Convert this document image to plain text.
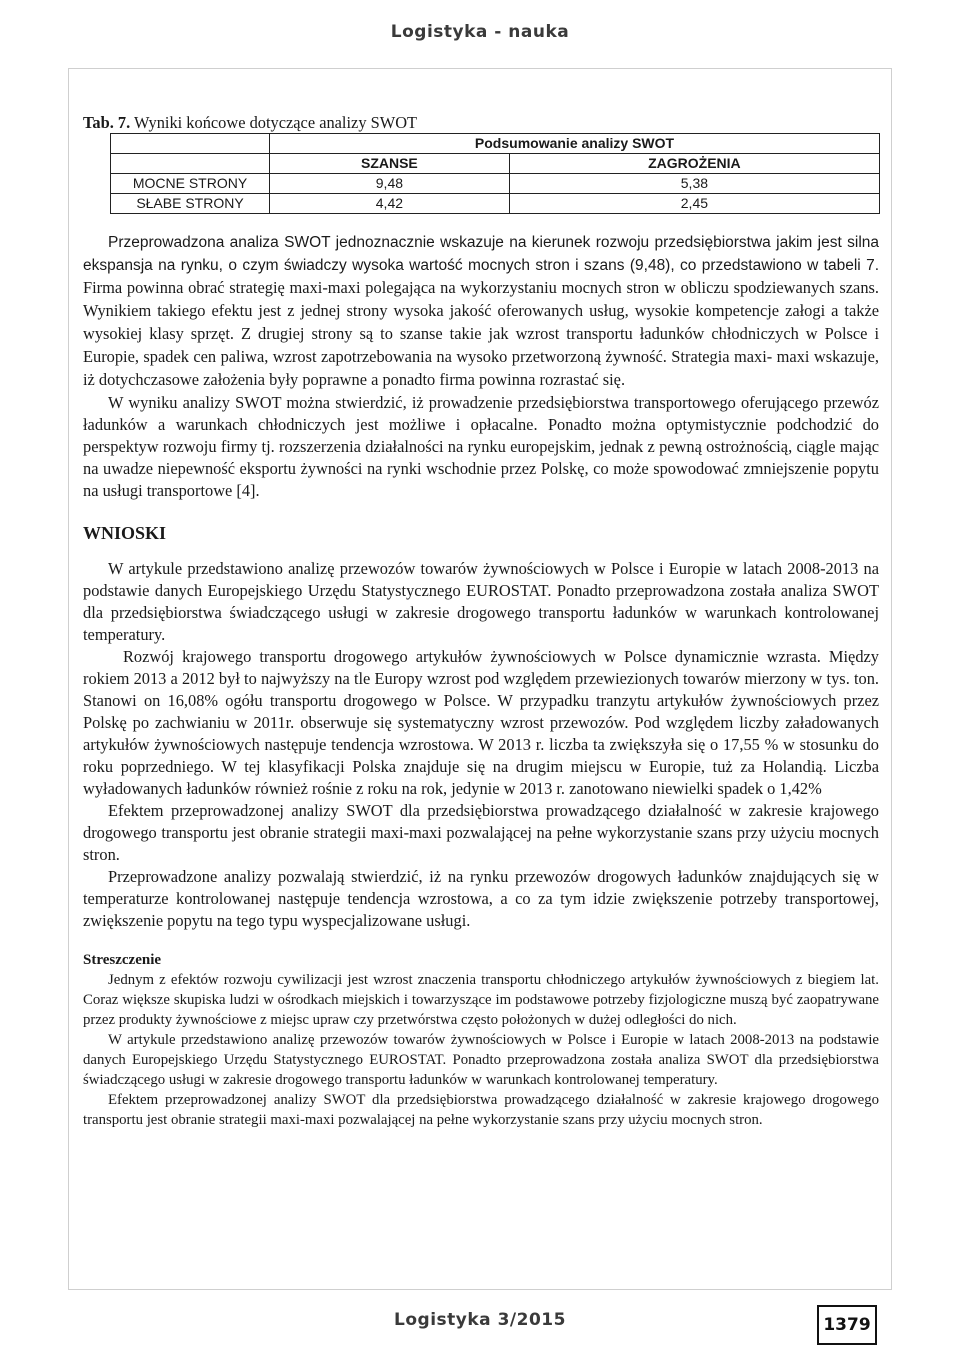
Logistyka - nauka

Tab. 7. Wyniki końcowe dotyczące analizy SWOT

	Podsumowanie analizy SWOT	
	SZANSE	ZAGROŻENIA
MOCNE STRONY	9,48	5,38
SŁABE STRONY	4,42	2,45

Przeprowadzona analiza SWOT jednoznacznie wskazuje na kierunek rozwoju przedsiębiorstwa jakim jest silna ekspansja na rynku, o czym świadczy wysoka wartość mocnych stron i szans (9,48), co przedstawiono w tabeli 7. Firma powinna obrać strategię maxi-maxi polegająca na wykorzystaniu mocnych stron w obliczu spodziewanych szans. Wynikiem takiego efektu jest z jednej strony wysoka jakość oferowanych usług, wysokie kompetencje załogi a także wysokiej klasy sprzęt. Z drugiej strony są to szanse takie jak wzrost transportu ładunków chłodniczych w Polsce i Europie, spadek cen paliwa, wzrost zapotrzebowania na wysoko przetworzoną żywność. Strategia maxi- maxi wskazuje, iż dotychczasowe założenia były poprawne a ponadto firma powinna rozrastać się.

W wyniku analizy SWOT można stwierdzić, iż prowadzenie przedsiębiorstwa transportowego oferującego przewóz ładunków a warunkach chłodniczych jest możliwe i opłacalne. Ponadto można optymistycznie podchodzić do perspektyw rozwoju firmy tj. rozszerzenia działalności na rynku europejskim, jednak z pewną ostrożnością, ciągle mając na uwadze niepewność eksportu żywności na rynki wschodnie przez Polskę, co może spowodować zmniejszenie popytu na usługi transportowe [4].

WNIOSKI

W artykule przedstawiono analizę przewozów towarów żywnościowych w Polsce i Europie w latach 2008-2013 na podstawie danych Europejskiego Urzędu Statystycznego EUROSTAT. Ponadto przeprowadzona została analiza SWOT dla przedsiębiorstwa świadczącego usługi w zakresie drogowego transportu ładunków w warunkach kontrolowanej temperatury.

Rozwój krajowego transportu drogowego artykułów żywnościowych w Polsce dynamicznie wzrasta. Między rokiem 2013 a 2012 był to najwyższy na tle Europy wzrost pod względem przewiezionych towarów mierzony w tys. ton. Stanowi on 16,08% ogółu transportu drogowego w Polsce. W przypadku tranzytu artykułów żywnościowych przez Polskę po zachwianiu w 2011r. obserwuje się systematyczny wzrost przewozów. Pod względem liczby załadowanych artykułów żywnościowych następuje tendencja wzrostowa. W 2013 r. liczba ta zwiększyła się o 17,55 % w stosunku do roku poprzedniego. W tej klasyfikacji Polska znajduje się na drugim miejscu w Europie, tuż za Holandią. Liczba wyładowanych ładunków również rośnie z roku na rok, jedynie w 2013 r. zanotowano niewielki spadek o 1,42%

Efektem przeprowadzonej analizy SWOT dla przedsiębiorstwa prowadzącego działalność w zakresie krajowego drogowego transportu jest obranie strategii maxi-maxi pozwalającej na pełne wykorzystanie szans przy użyciu mocnych stron.

Przeprowadzone analizy pozwalają stwierdzić, iż na rynku przewozów drogowych ładunków znajdujących się w temperaturze kontrolowanej następuje tendencja wzrostowa, a co za tym idzie zwiększenie potrzeby transportowej, zwiększenie popytu na tego typu wyspecjalizowane usługi.

Streszczenie

Jednym z efektów rozwoju cywilizacji jest wzrost znaczenia transportu chłodniczego artykułów żywnościowych z biegiem lat. Coraz większe skupiska ludzi w ośrodkach miejskich i towarzyszące im podstawowe potrzeby fizjologiczne muszą być zaopatrywane przez produkty żywnościowe z miejsc upraw czy przetwórstwa często położonych w dużej odległości do nich.

W artykule przedstawiono analizę przewozów towarów żywnościowych w Polsce i Europie w latach 2008-2013 na podstawie danych Europejskiego Urzędu Statystycznego EUROSTAT. Ponadto przeprowadzona została analiza SWOT dla przedsiębiorstwa świadczącego usługi w zakresie drogowego transportu ładunków w warunkach kontrolowanej temperatury.

Efektem przeprowadzonej analizy SWOT dla przedsiębiorstwa prowadzącego działalność w zakresie krajowego drogowego transportu jest obranie strategii maxi-maxi pozwalającej na pełne wykorzystanie szans przy użyciu mocnych stron.

Logistyka 3/2015	1379
